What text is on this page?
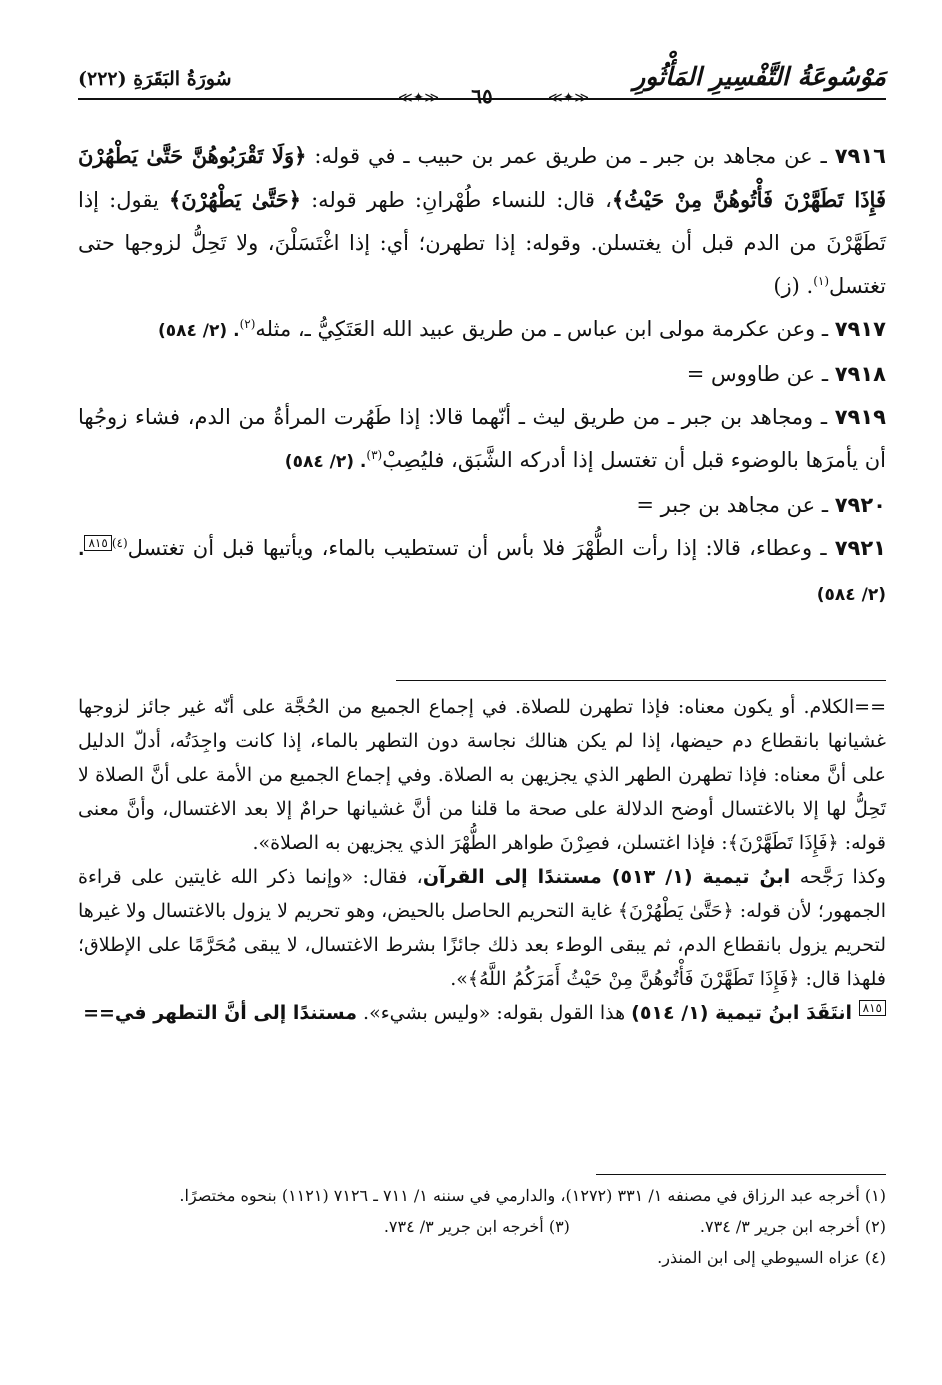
مَوْسُوعَةُ التَّفْسِيرِ المَأْثُورِ
≪✦≫	٦٥	≪✦≫
سُورَةُ البَقَرَةِ (٢٢٢)

٧٩١٦ ـ عن مجاهد بن جبر ـ من طريق عمر بن حبيب ـ في قوله: ﴿وَلَا تَقْرَبُوهُنَّ حَتَّىٰ يَطْهُرْنَ فَإِذَا تَطَهَّرْنَ فَأْتُوهُنَّ مِنْ حَيْثُ﴾، قال: للنساء طُهْرانِ: طهر قوله: ﴿حَتَّىٰ يَطْهُرْنَ﴾ يقول: إذا تَطَهَّرْنَ من الدم قبل أن يغتسلن. وقوله: إذا تطهرن؛ أي: إذا اغْتَسَلْنَ، ولا تَحِلُّ لزوجها حتى تغتسل$^{(١)}$. (ز)

٧٩١٧ ـ وعن عكرمة مولى ابن عباس ـ من طريق عبيد الله العَتَكِيُّ ـ، مثله$^{(٢)}$. (٢/ ٥٨٤)

٧٩١٨ ـ عن طاووس =

٧٩١٩ ـ ومجاهد بن جبر ـ من طريق ليث ـ أنّهما قالا: إذا طَهُرت المرأةُ من الدم، فشاء زوجُها أن يأمرَها بالوضوء قبل أن تغتسل إذا أدركه الشَّبَق، فليُصِبْ$^{(٣)}$. (٢/ ٥٨٤)

٧٩٢٠ ـ عن مجاهد بن جبر =

٧٩٢١ ـ وعطاء، قالا: إذا رأت الطُّهْرَ فلا بأس أن تستطيب بالماء، ويأتيها قبل أن تغتسل$^{(٤)}$٨١٥. (٢/ ٥٨٤)

==الكلام. أو يكون معناه: فإذا تطهرن للصلاة. في إجماع الجميع من الحُجَّة على أنّه غير جائز لزوجها غشيانها بانقطاع دم حيضها، إذا لم يكن هنالك نجاسة دون التطهر بالماء، إذا كانت واجِدَتُه، أدلّ الدليل على أنَّ معناه: فإذا تطهرن الطهر الذي يجزيهن به الصلاة. وفي إجماع الجميع من الأمة على أنَّ الصلاة لا تَحِلُّ لها إلا بالاغتسال أوضح الدلالة على صحة ما قلنا من أنَّ غشيانها حرامٌ إلا بعد الاغتسال، وأنَّ معنى قوله: ﴿فَإِذَا تَطَهَّرْنَ﴾: فإذا اغتسلن، فصِرْنَ طواهر الطُّهْرَ الذي يجزيهن به الصلاة».

وكذا رَجَّحه ابنُ تيمية (١/ ٥١٣) مستندًا إلى القرآن، فقال: «وإنما ذكر الله غايتين على قراءة الجمهور؛ لأن قوله: ﴿حَتَّىٰ يَطْهُرْنَ﴾ غاية التحريم الحاصل بالحيض، وهو تحريم لا يزول بالاغتسال ولا غيرها لتحريم يزول بانقطاع الدم، ثم يبقى الوطء بعد ذلك جائزًا بشرط الاغتسال، لا يبقى مُحَرَّمًا على الإطلاق؛ فلهذا قال: ﴿فَإِذَا تَطَهَّرْنَ فَأْتُوهُنَّ مِنْ حَيْثُ أَمَرَكُمُ اللَّهُ﴾».

٨١٥ انتَقَدَ ابنُ تيمية (١/ ٥١٤) هذا القول بقوله: «وليس بشيء». مستندًا إلى أنَّ التطهر في==

(١) أخرجه عبد الرزاق في مصنفه ١/ ٣٣١ (١٢٧٢)، والدارمي في سننه ١/ ٧١١ ـ ٧١٢٦ (١١٢١) بنحوه مختصرًا.

(٢) أخرجه ابن جرير ٣/ ٧٣٤.
(٣) أخرجه ابن جرير ٣/ ٧٣٤.

(٤) عزاه السيوطي إلى ابن المنذر.
